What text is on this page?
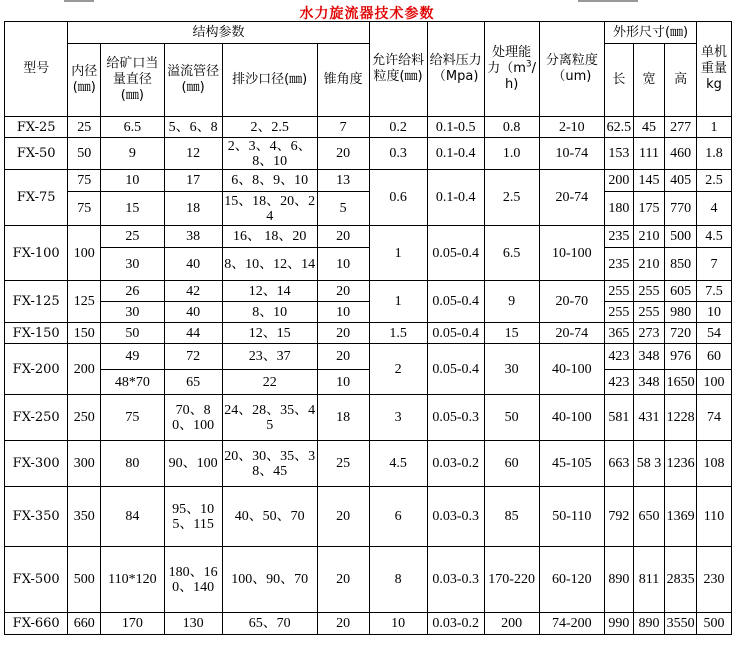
水力旋流器技术参数
型号	结构参数					允许给料粒度(㎜)	给料压力（Mpa)	处理能力$(m^3/h)$	分离粒度（um)	外形尺寸(㎜)			单机重量kg
	内径(㎜)	给矿口当量直径(㎜)	溢流管径(㎜)	排沙口径(㎜)	锥角度					长	宽	高	
FX-25	25	6.5	5、6、8	2、2.5	7	0.2	0.1-0.5	0.8	2-10	62.5	45	277	1
FX-50	50	9	12	2、3、4、6、8、10	20	0.3	0.1-0.4	1.0	10-74	153	111	460	1.8
FX-75	75	10	17	6、8、9、10	13	0.6	0.1-0.4	2.5	20-74	200	145	405	2.5
	75	15	18	15、18、20、24	5					180	175	770	4
FX-100	100	25	38	16、 18、20	20	1	0.05-0.4	6.5	10-100	235	210	500	4.5
		30	40	8、10、12、14	10					235	210	850	7
FX-125	125	26	42	12、14	20	1	0.05-0.4	9	20-70	255	255	605	7.5
		30	40	8、10	10					255	255	980	10
FX-150	150	50	44	12、15	20	1.5	0.05-0.4	15	20-74	365	273	720	54
FX-200	200	49	72	23、37	20	2	0.05-0.4	30	40-100	423	348	976	60
		48*70	65	22	10					423	348	1650	100
FX-250	250	75	70、80、100	24、28、35、45	18	3	0.05-0.3	50	40-100	581	431	1228	74
FX-300	300	80	90、100	20、30、35、38、45	25	4.5	0.03-0.2	60	45-105	663	58 3	1236	108
FX-350	350	84	95、105、115	40、50、70	20	6	0.03-0.3	85	50-110	792	650	1369	110
FX-500	500	110*120	180、160、140	100、90、70	20	8	0.03-0.3	170-220	60-120	890	811	2835	230
FX-660	660	170	130	65、70	20	10	0.03-0.2	200	74-200	990	890	3550	500
